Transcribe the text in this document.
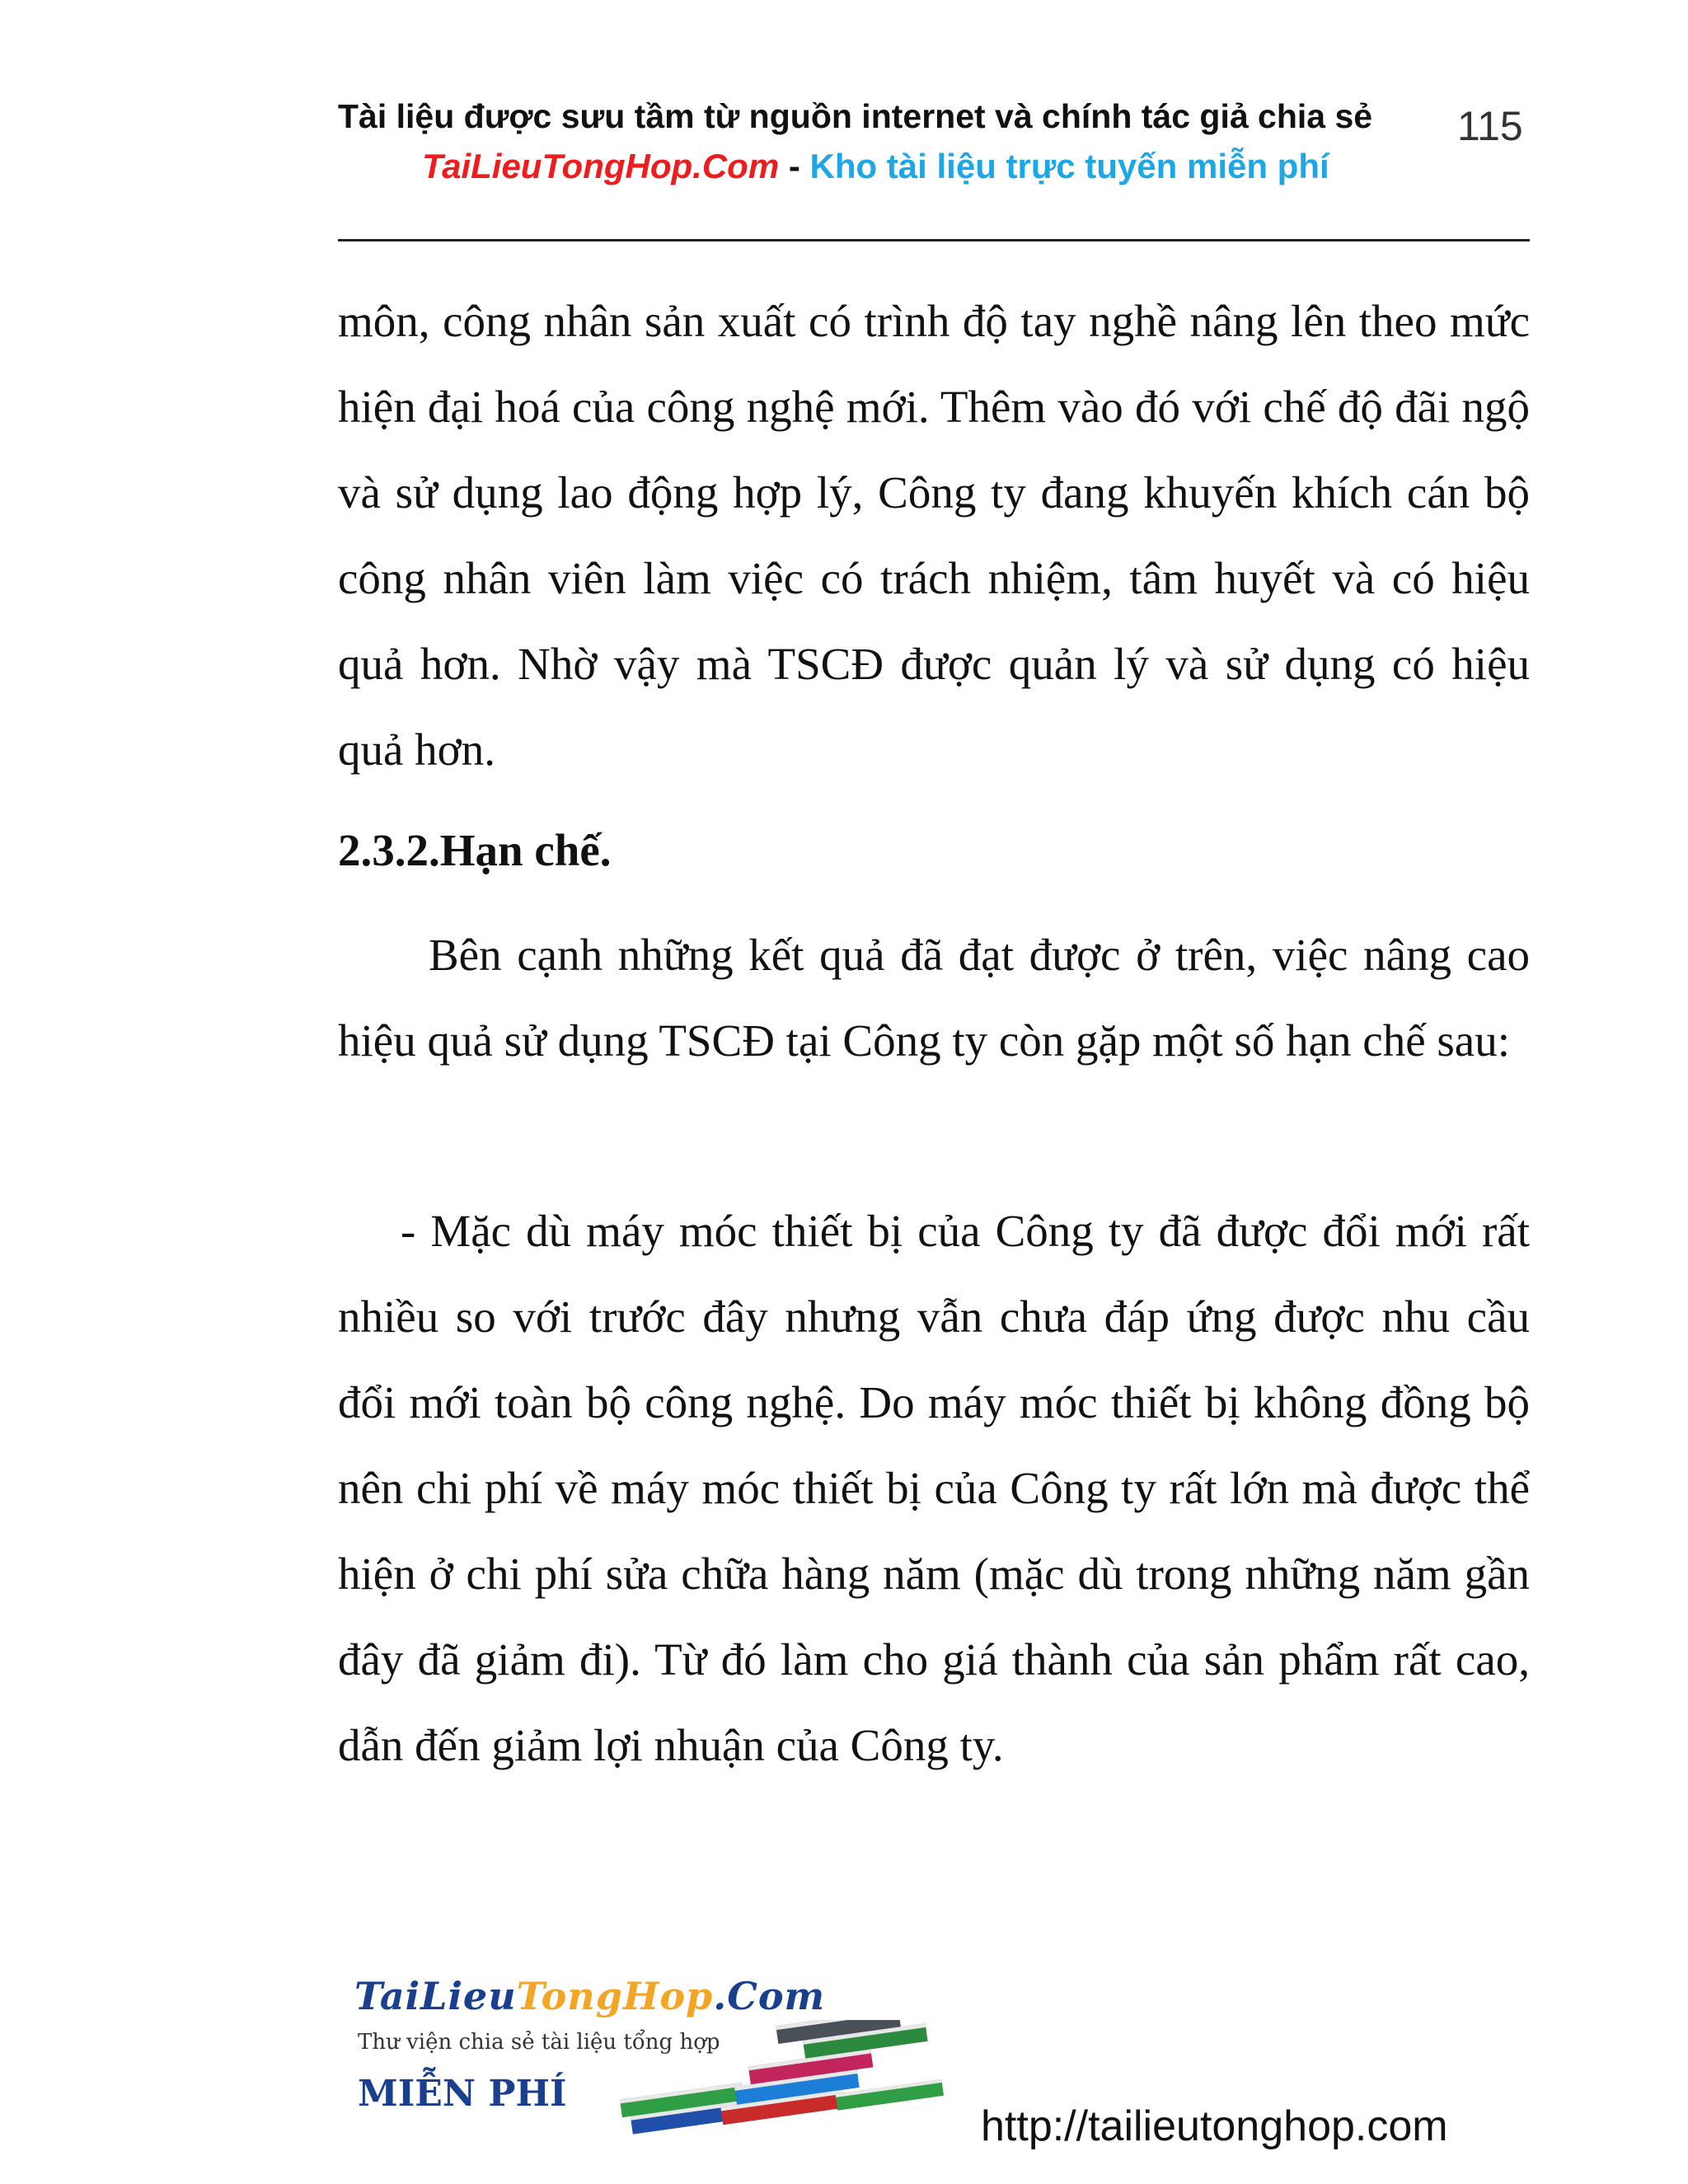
Tài liệu được sưu tầm từ nguồn internet và chính tác giả chia sẻ	115
TaiLieuTongHop.Com - Kho tài liệu trực tuyến miễn phí
môn, công nhân sản xuất có trình độ tay nghề nâng lên theo mức hiện đại hoá của công nghệ mới. Thêm vào đó với chế độ đãi ngộ và sử dụng lao động hợp lý, Công ty đang khuyến khích cán bộ công nhân viên làm việc có trách nhiệm, tâm huyết và có hiệu quả hơn. Nhờ vậy mà TSCĐ được quản lý và sử dụng có hiệu quả hơn.
2.3.2.Hạn chế.
Bên cạnh những kết quả đã đạt được ở trên, việc nâng cao hiệu quả sử dụng TSCĐ tại Công ty còn gặp một số hạn chế sau:
- Mặc dù máy móc thiết bị của Công ty đã được đổi mới rất nhiều so với trước đây nhưng vẫn chưa đáp ứng được nhu cầu đổi mới toàn bộ công nghệ. Do máy móc thiết bị không đồng bộ nên chi phí về máy móc thiết bị của Công ty rất lớn mà được thể hiện ở chi phí sửa chữa hàng năm (mặc dù trong những năm gần đây đã giảm đi). Từ đó làm cho giá thành của sản phẩm rất cao, dẫn đến giảm lợi nhuận của Công ty.
TaiLieuTongHop.Com
Thư viện chia sẻ tài liệu tổng hợp
MIỄN PHÍ
http://tailieutonghop.com
